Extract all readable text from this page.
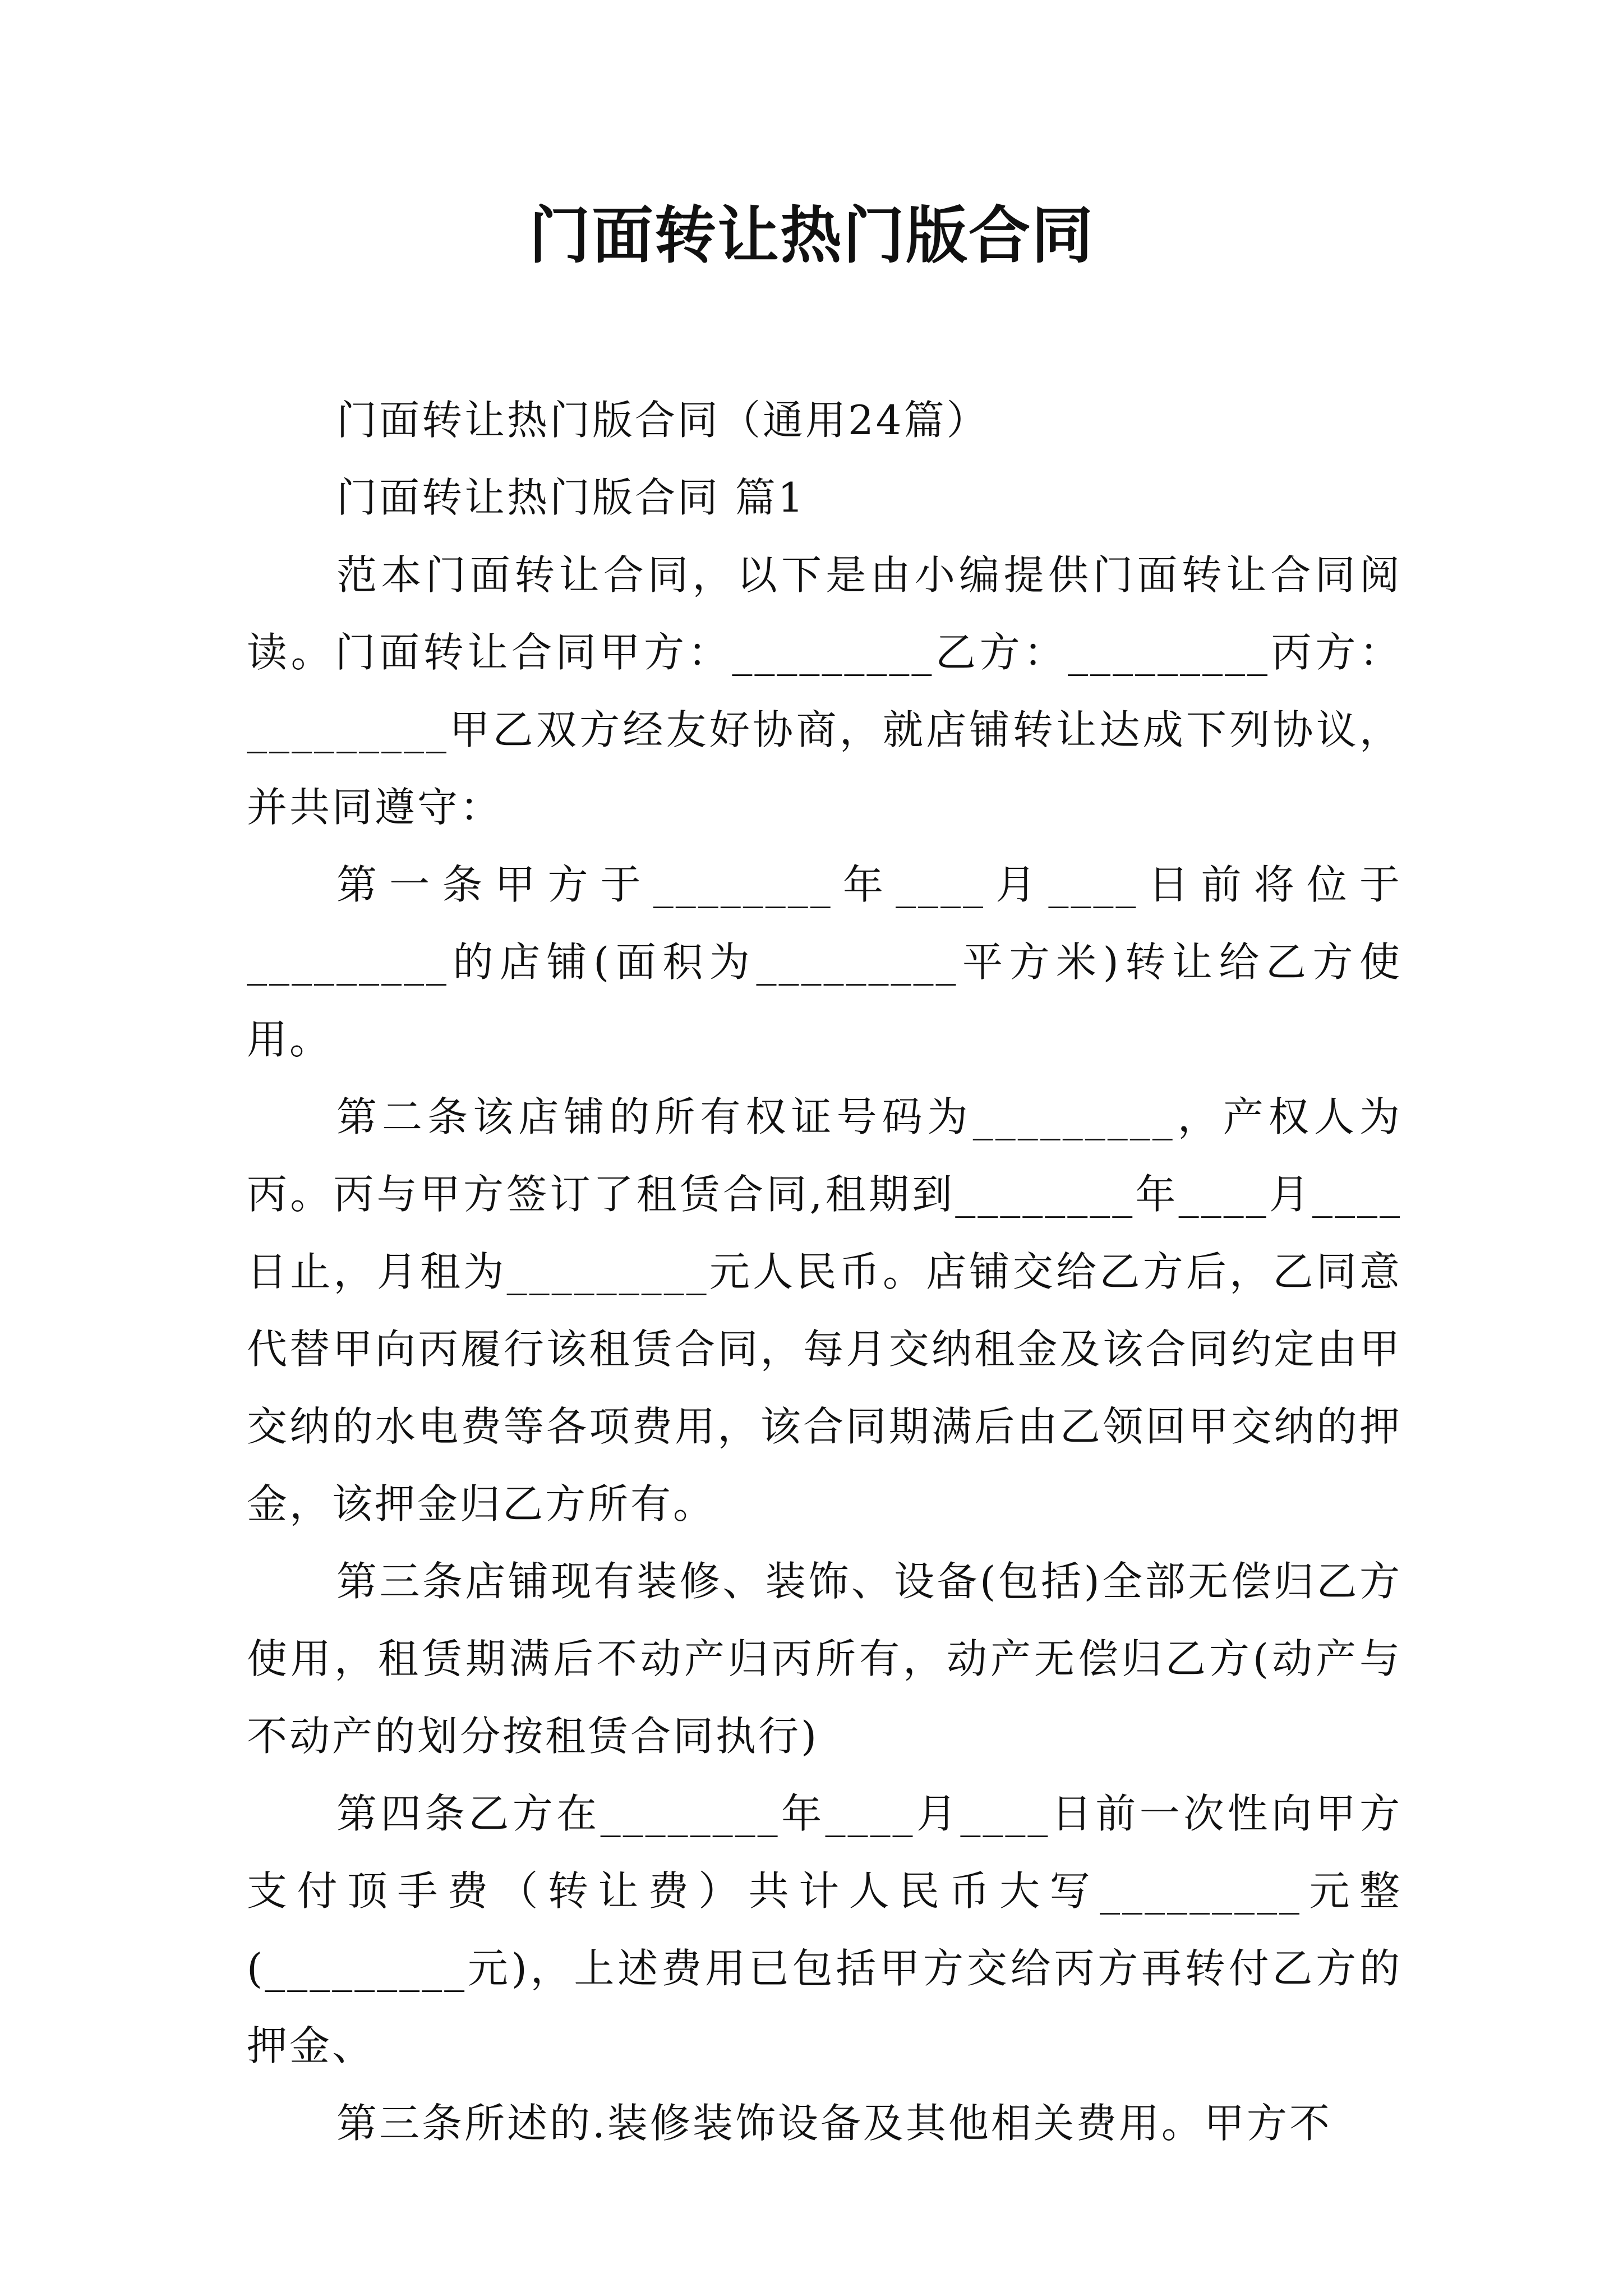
门面转让热门版合同

门面转让热门版合同（通用24篇）

门面转让热门版合同 篇1

范本门面转让合同，以下是由小编提供门面转让合同阅读。门面转让合同甲方：_________乙方：_________丙方：_________甲乙双方经友好协商，就店铺转让达成下列协议，并共同遵守：

第一条甲方于________年____月____日前将位于_________的店铺(面积为_________平方米)转让给乙方使用。

第二条该店铺的所有权证号码为_________，产权人为丙。丙与甲方签订了租赁合同,租期到________年____月____日止，月租为_________元人民币。店铺交给乙方后，乙同意代替甲向丙履行该租赁合同，每月交纳租金及该合同约定由甲交纳的水电费等各项费用，该合同期满后由乙领回甲交纳的押金，该押金归乙方所有。

第三条店铺现有装修、装饰、设备(包括)全部无偿归乙方使用，租赁期满后不动产归丙所有，动产无偿归乙方(动产与不动产的划分按租赁合同执行)

第四条乙方在________年____月____日前一次性向甲方支付顶手费（转让费）共计人民币大写_________元整(_________元)，上述费用已包括甲方交给丙方再转付乙方的押金、

第三条所述的.装修装饰设备及其他相关费用。甲方不
